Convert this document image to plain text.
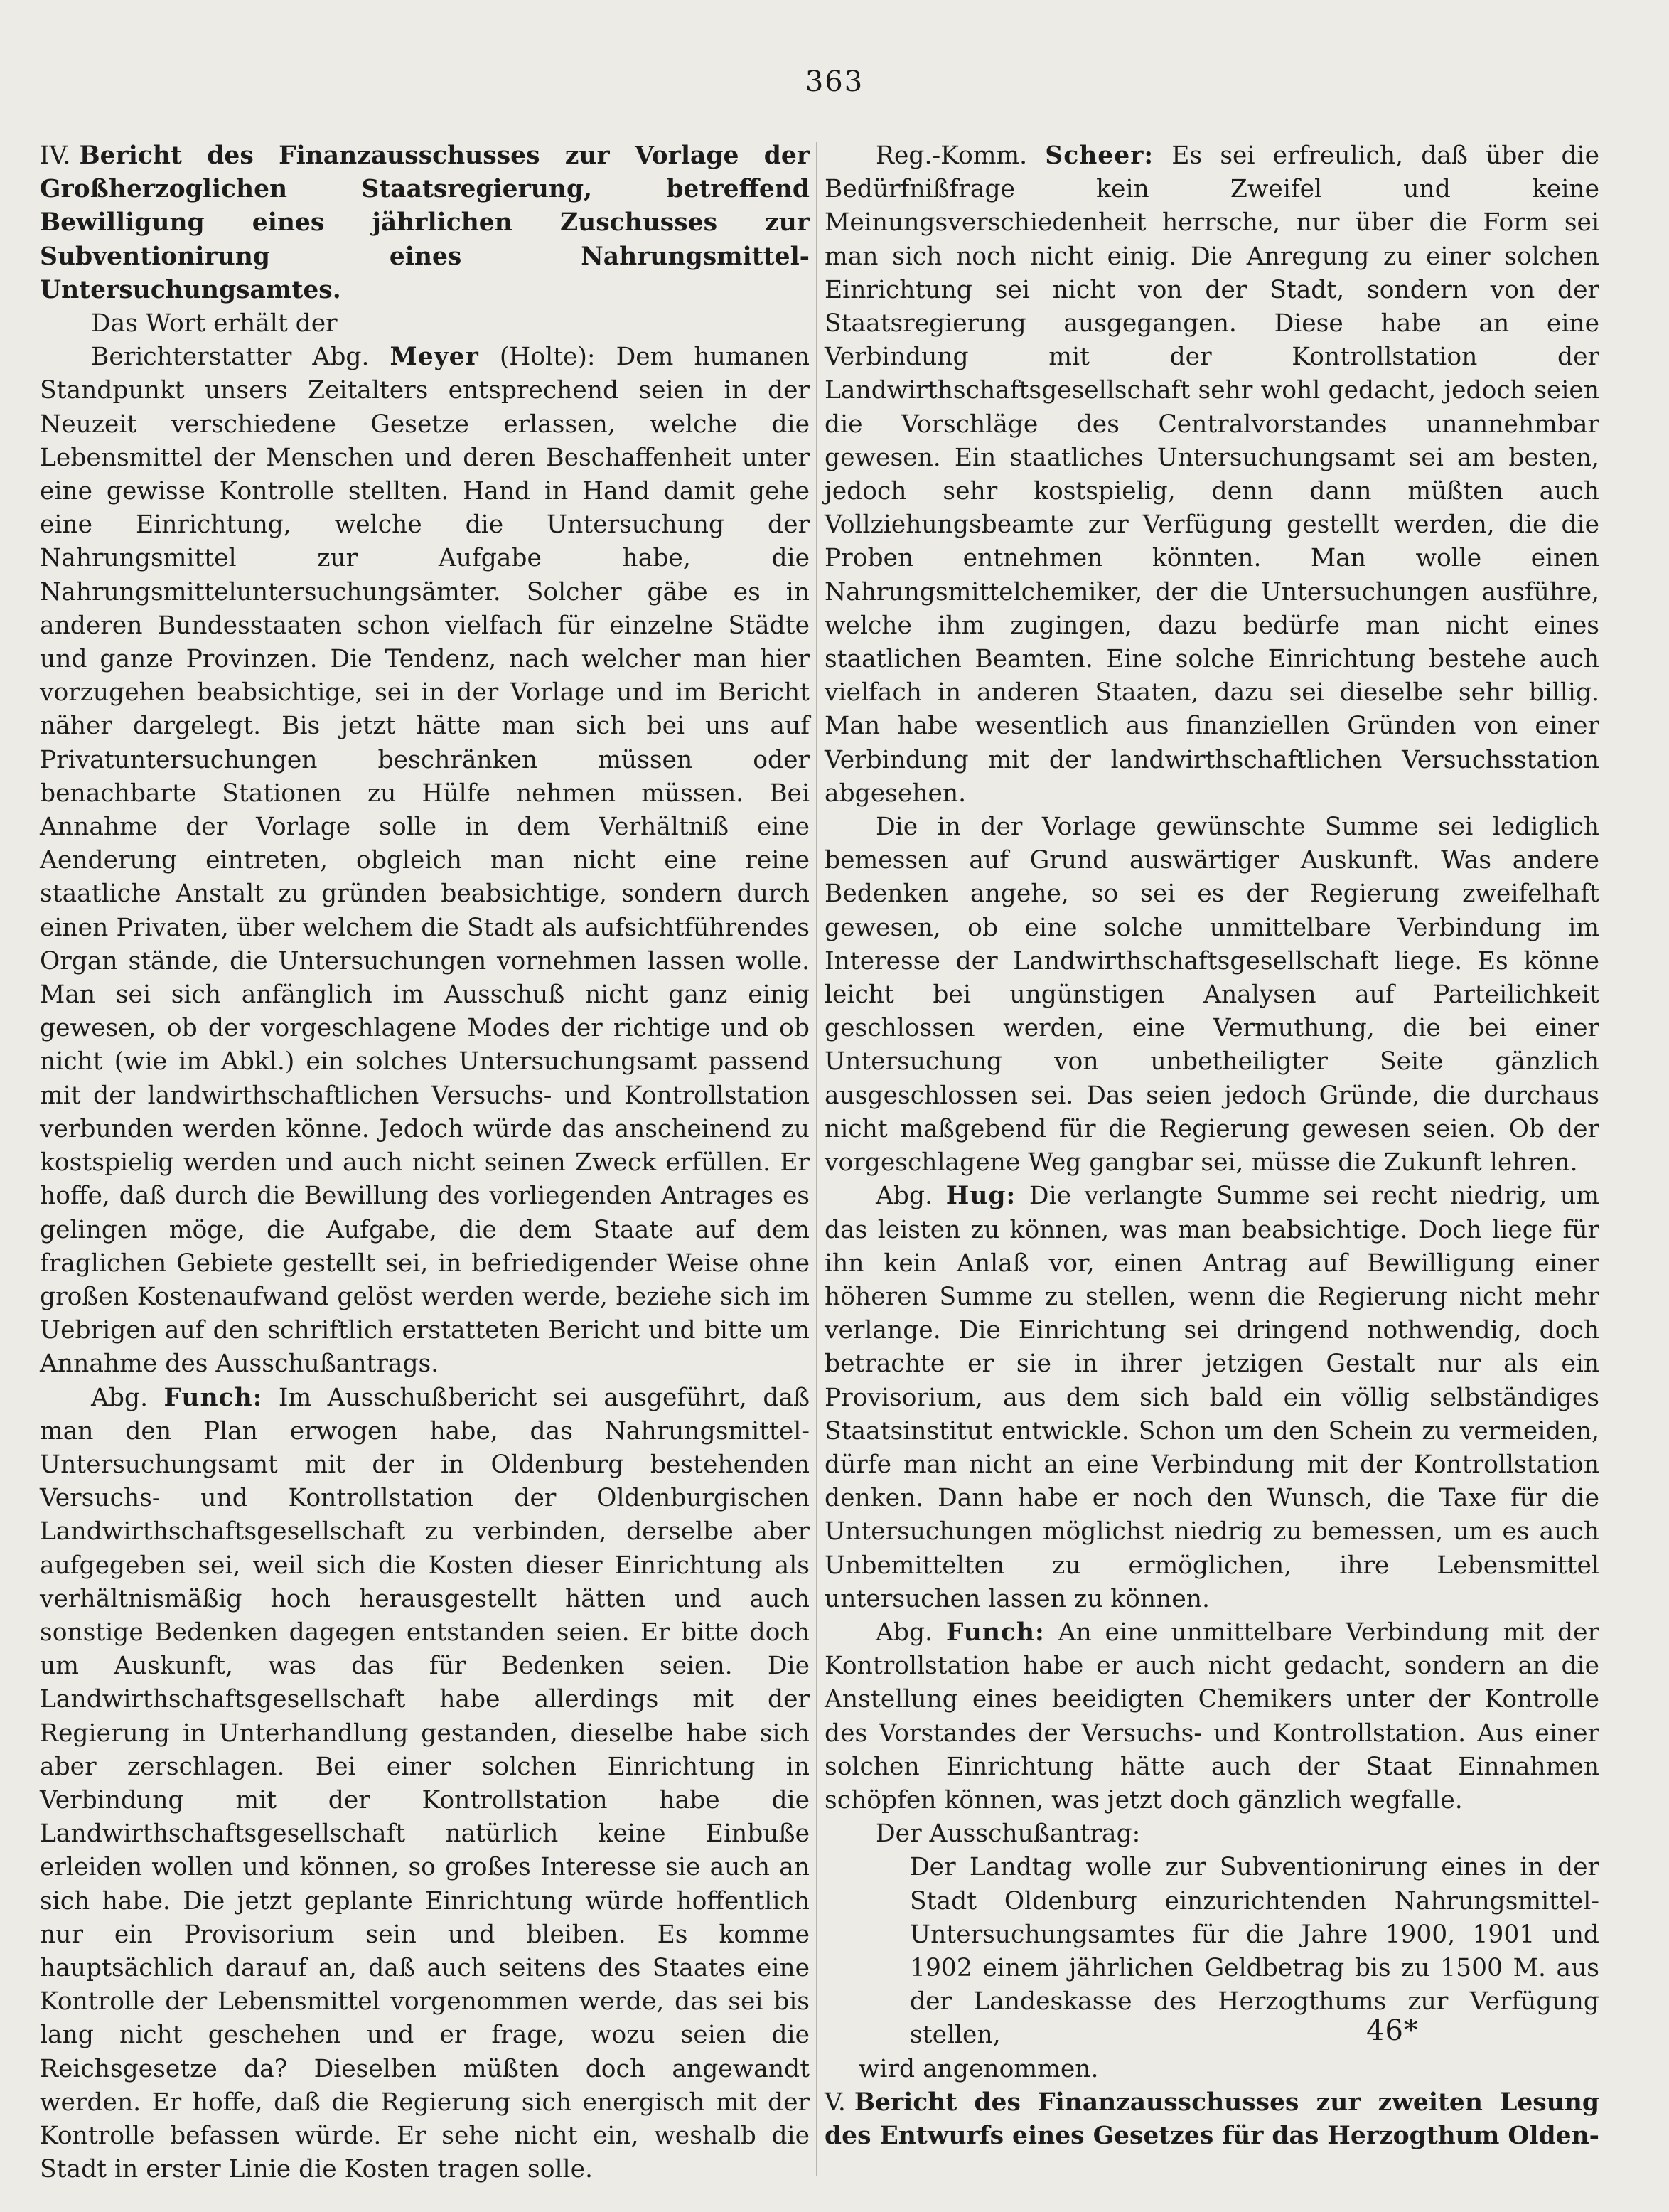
363

IV. Bericht des Finanzausschusses zur Vorlage der Großherzoglichen Staatsregierung, betreffend Bewilligung eines jährlichen Zuschusses zur Subventionirung eines Nahrungsmittel-Untersuchungsamtes.

Das Wort erhält der

Berichterstatter Abg. Meyer (Holte): Dem humanen Standpunkt unsers Zeitalters entsprechend seien in der Neuzeit verschiedene Gesetze erlassen, welche die Lebensmittel der Menschen und deren Beschaffenheit unter eine gewisse Kontrolle stellten. Hand in Hand damit gehe eine Einrichtung, welche die Untersuchung der Nahrungsmittel zur Aufgabe habe, die Nahrungsmitteluntersuchungsämter. Solcher gäbe es in anderen Bundesstaaten schon vielfach für einzelne Städte und ganze Provinzen. Die Tendenz, nach welcher man hier vorzugehen beabsichtige, sei in der Vorlage und im Bericht näher dargelegt. Bis jetzt hätte man sich bei uns auf Privatuntersuchungen beschränken müssen oder benachbarte Stationen zu Hülfe nehmen müssen. Bei Annahme der Vorlage solle in dem Verhältniß eine Aenderung eintreten, obgleich man nicht eine reine staatliche Anstalt zu gründen beabsichtige, sondern durch einen Privaten, über welchem die Stadt als aufsichtführendes Organ stände, die Untersuchungen vornehmen lassen wolle. Man sei sich anfänglich im Ausschuß nicht ganz einig gewesen, ob der vorgeschlagene Modes der richtige und ob nicht (wie im Abkl.) ein solches Untersuchungsamt passend mit der landwirthschaftlichen Versuchs- und Kontrollstation verbunden werden könne. Jedoch würde das anscheinend zu kostspielig werden und auch nicht seinen Zweck erfüllen. Er hoffe, daß durch die Bewillung des vorliegenden Antrages es gelingen möge, die Aufgabe, die dem Staate auf dem fraglichen Gebiete gestellt sei, in befriedigender Weise ohne großen Kostenaufwand gelöst werden werde, beziehe sich im Uebrigen auf den schriftlich erstatteten Bericht und bitte um Annahme des Ausschußantrags.

Abg. Funch: Im Ausschußbericht sei ausgeführt, daß man den Plan erwogen habe, das Nahrungsmittel-Untersuchungsamt mit der in Oldenburg bestehenden Versuchs- und Kontrollstation der Oldenburgischen Landwirthschaftsgesellschaft zu verbinden, derselbe aber aufgegeben sei, weil sich die Kosten dieser Einrichtung als verhältnismäßig hoch herausgestellt hätten und auch sonstige Bedenken dagegen entstanden seien. Er bitte doch um Auskunft, was das für Bedenken seien. Die Landwirthschaftsgesellschaft habe allerdings mit der Regierung in Unterhandlung gestanden, dieselbe habe sich aber zerschlagen. Bei einer solchen Einrichtung in Verbindung mit der Kontrollstation habe die Landwirthschaftsgesellschaft natürlich keine Einbuße erleiden wollen und können, so großes Interesse sie auch an sich habe. Die jetzt geplante Einrichtung würde hoffentlich nur ein Provisorium sein und bleiben. Es komme hauptsächlich darauf an, daß auch seitens des Staates eine Kontrolle der Lebensmittel vorgenommen werde, das sei bis lang nicht geschehen und er frage, wozu seien die Reichsgesetze da? Dieselben müßten doch angewandt werden. Er hoffe, daß die Regierung sich energisch mit der Kontrolle befassen würde. Er sehe nicht ein, weshalb die Stadt in erster Linie die Kosten tragen solle.

Reg.-Komm. Scheer: Es sei erfreulich, daß über die Bedürfnißfrage kein Zweifel und keine Meinungsverschiedenheit herrsche, nur über die Form sei man sich noch nicht einig. Die Anregung zu einer solchen Einrichtung sei nicht von der Stadt, sondern von der Staatsregierung ausgegangen. Diese habe an eine Verbindung mit der Kontrollstation der Landwirthschaftsgesellschaft sehr wohl gedacht, jedoch seien die Vorschläge des Centralvorstandes unannehmbar gewesen. Ein staatliches Untersuchungsamt sei am besten, jedoch sehr kostspielig, denn dann müßten auch Vollziehungsbeamte zur Verfügung gestellt werden, die die Proben entnehmen könnten. Man wolle einen Nahrungsmittelchemiker, der die Untersuchungen ausführe, welche ihm zugingen, dazu bedürfe man nicht eines staatlichen Beamten. Eine solche Einrichtung bestehe auch vielfach in anderen Staaten, dazu sei dieselbe sehr billig. Man habe wesentlich aus finanziellen Gründen von einer Verbindung mit der landwirthschaftlichen Versuchsstation abgesehen.

Die in der Vorlage gewünschte Summe sei lediglich bemessen auf Grund auswärtiger Auskunft. Was andere Bedenken angehe, so sei es der Regierung zweifelhaft gewesen, ob eine solche unmittelbare Verbindung im Interesse der Landwirthschaftsgesellschaft liege. Es könne leicht bei ungünstigen Analysen auf Parteilichkeit geschlossen werden, eine Vermuthung, die bei einer Untersuchung von unbetheiligter Seite gänzlich ausgeschlossen sei. Das seien jedoch Gründe, die durchaus nicht maßgebend für die Regierung gewesen seien. Ob der vorgeschlagene Weg gangbar sei, müsse die Zukunft lehren.

Abg. Hug: Die verlangte Summe sei recht niedrig, um das leisten zu können, was man beabsichtige. Doch liege für ihn kein Anlaß vor, einen Antrag auf Bewilligung einer höheren Summe zu stellen, wenn die Regierung nicht mehr verlange. Die Einrichtung sei dringend nothwendig, doch betrachte er sie in ihrer jetzigen Gestalt nur als ein Provisorium, aus dem sich bald ein völlig selbständiges Staatsinstitut entwickle. Schon um den Schein zu vermeiden, dürfe man nicht an eine Verbindung mit der Kontrollstation denken. Dann habe er noch den Wunsch, die Taxe für die Untersuchungen möglichst niedrig zu bemessen, um es auch Unbemittelten zu ermöglichen, ihre Lebensmittel untersuchen lassen zu können.

Abg. Funch: An eine unmittelbare Verbindung mit der Kontrollstation habe er auch nicht gedacht, sondern an die Anstellung eines beeidigten Chemikers unter der Kontrolle des Vorstandes der Versuchs- und Kontrollstation. Aus einer solchen Einrichtung hätte auch der Staat Einnahmen schöpfen können, was jetzt doch gänzlich wegfalle.

Der Ausschußantrag:

Der Landtag wolle zur Subventionirung eines in der Stadt Oldenburg einzurichtenden Nahrungsmittel-Untersuchungsamtes für die Jahre 1900, 1901 und 1902 einem jährlichen Geldbetrag bis zu 1500 M. aus der Landeskasse des Herzogthums zur Verfügung stellen,

wird angenommen.

V. Bericht des Finanzausschusses zur zweiten Lesung des Entwurfs eines Gesetzes für das Herzogthum Olden-

46*
